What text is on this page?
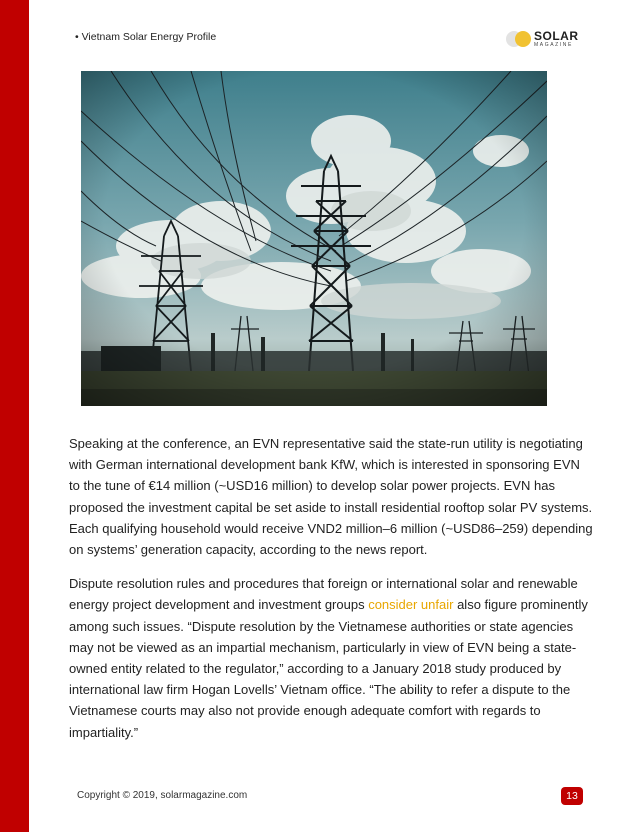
• Vietnam Solar Energy Profile	SOLAR
MAGAZINE

Speaking at the conference, an EVN representative said the state-run utility is negotiating with German international development bank KfW, which is interested in sponsoring EVN to the tune of €14 million (~USD16 million) to develop solar power projects. EVN has proposed the investment capital be set aside to install residential rooftop solar PV systems. Each qualifying household would receive VND2 million–6 million (~USD86–259) depending on systems’ generation capacity, according to the news report.

Dispute resolution rules and procedures that foreign or international solar and renewable energy project development and investment groups consider unfair also figure prominently among such issues. “Dispute resolution by the Vietnamese authorities or state agencies may not be viewed as an impartial mechanism, particularly in view of EVN being a state-owned entity related to the regulator,” according to a January 2018 study produced by international law firm Hogan Lovells’ Vietnam office. “The ability to refer a dispute to the Vietnamese courts may also not provide enough adequate comfort with regards to impartiality.”

Copyright © 2019, solarmagazine.com	13
